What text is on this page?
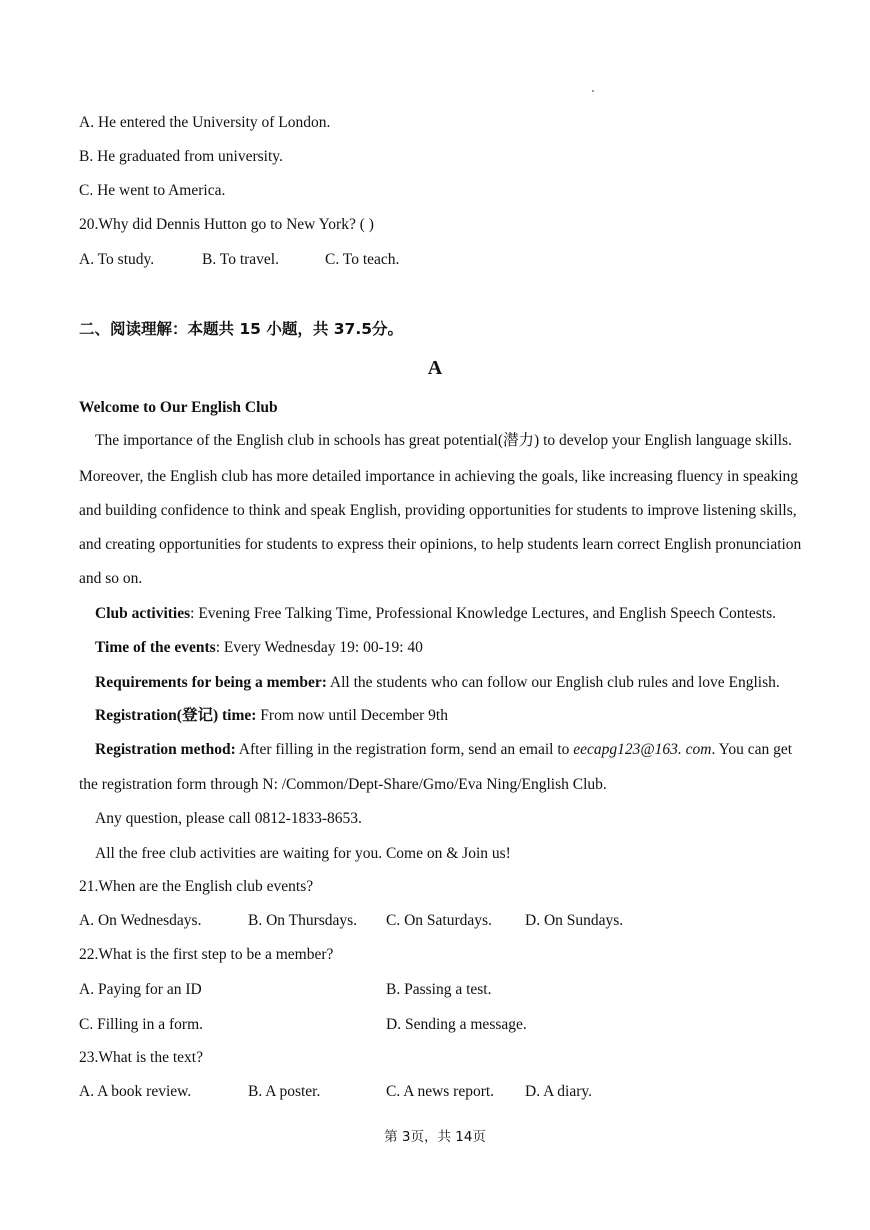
A. He entered the University of London.
B. He graduated from university.
C. He went to America.
20.Why did Dennis Hutton go to New York? ( )
A. To study.	B. To travel.	C. To teach.
二、阅读理解：本题共 15 小题，共 37.5分。
A
Welcome to Our English Club
The importance of the English club in schools has great potential(潜力) to develop your English language skills.
Moreover, the English club has more detailed importance in achieving the goals, like increasing fluency in speaking
and building confidence to think and speak English, providing opportunities for students to improve listening skills,
and creating opportunities for students to express their opinions, to help students learn correct English pronunciation
and so on.
Club activities: Evening Free Talking Time, Professional Knowledge Lectures, and English Speech Contests.
Time of the events: Every Wednesday 19: 00-19: 40
Requirements for being a member: All the students who can follow our English club rules and love English.
Registration(登记) time: From now until December 9th
Registration method: After filling in the registration form, send an email to eecapg123@163. com. You can get
the registration form through N: /Common/Dept-Share/Gmo/Eva Ning/English Club.
Any question, please call 0812-1833-8653.
All the free club activities are waiting for you. Come on & Join us!
21.When are the English club events?
A. On Wednesdays.	B. On Thursdays. C. On Saturdays. D. On Sundays.
22.What is the first step to be a member?
A. Paying for an ID	B. Passing a test.
C. Filling in a form.	D. Sending a message.
23.What is the text?
A. A book review.	B. A poster.	C. A news report. D. A diary.
第 3页，共 14页
